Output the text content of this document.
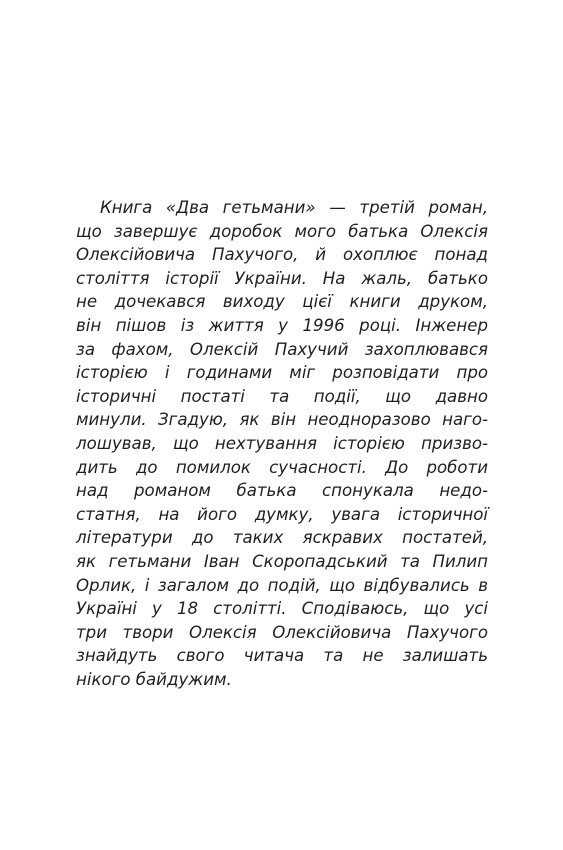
Книга «Два гетьмани» — третій роман,
що завершує доробок мого батька Олексія
Олексійовича Пахучого, й охоплює понад
століття історії України. На жаль, батько
не дочекався виходу цієї книги друком,
він пішов із життя у 1996 році. Інженер
за фахом, Олексій Пахучий захоплювався
історією і годинами міг розповідати про
історичні постаті та події, що давно
минули. Згадую, як він неодноразово наго-
лошував, що нехтування історією призво-
дить до помилок сучасності. До роботи
над романом батька спонукала недо-
статня, на його думку, увага історичної
літератури до таких яскравих постатей,
як гетьмани Іван Скоропадський та Пилип
Орлик, і загалом до подій, що відбувались в
Україні у 18 столітті. Сподіваюсь, що усі
три твори Олексія Олексійовича Пахучого
знайдуть свого читача та не залишать
нікого байдужим.
